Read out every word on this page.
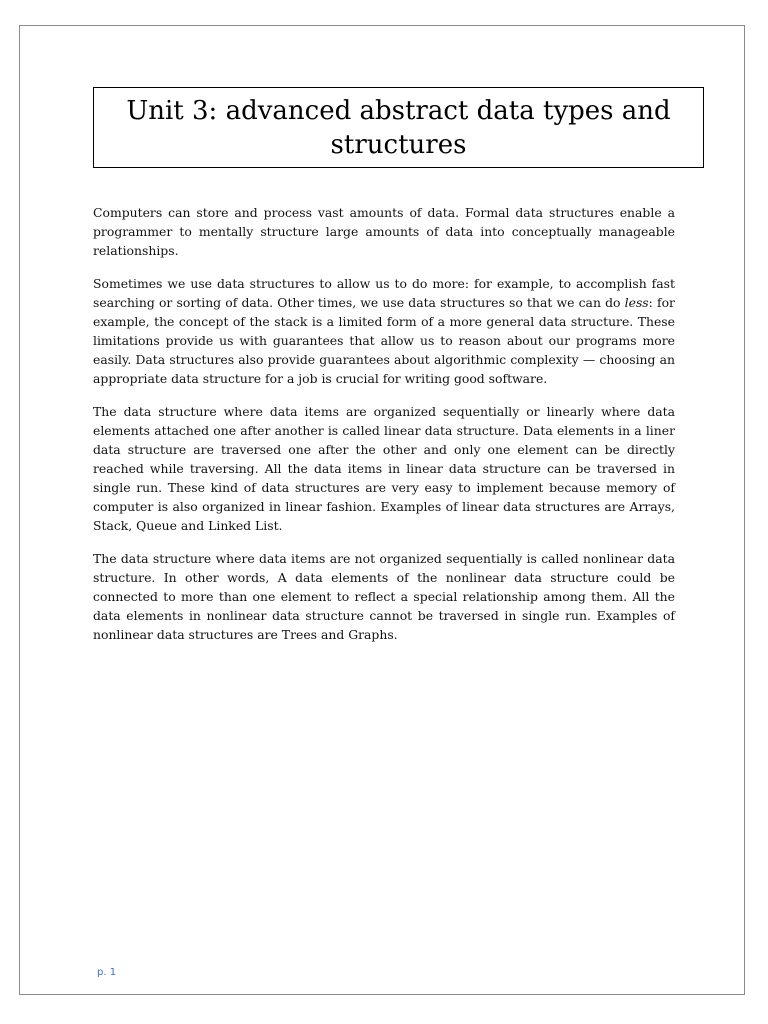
Unit 3: advanced abstract data types and structures

Computers can store and process vast amounts of data. Formal data structures enable a programmer to mentally structure large amounts of data into conceptually manageable relationships.

Sometimes we use data structures to allow us to do more: for example, to accomplish fast searching or sorting of data. Other times, we use data structures so that we can do less: for example, the concept of the stack is a limited form of a more general data structure. These limitations provide us with guarantees that allow us to reason about our programs more easily. Data structures also provide guarantees about algorithmic complexity — choosing an appropriate data structure for a job is crucial for writing good software.

The data structure where data items are organized sequentially or linearly where data elements attached one after another is called linear data structure. Data elements in a liner data structure are traversed one after the other and only one element can be directly reached while traversing. All the data items in linear data structure can be traversed in single run. These kind of data structures are very easy to implement because memory of computer is also organized in linear fashion. Examples of linear data structures are Arrays, Stack, Queue and Linked List.

The data structure where data items are not organized sequentially is called nonlinear data structure. In other words, A data elements of the nonlinear data structure could be connected to more than one element to reflect a special relationship among them. All the data elements in nonlinear data structure cannot be traversed in single run. Examples of nonlinear data structures are Trees and Graphs.

p. 1
